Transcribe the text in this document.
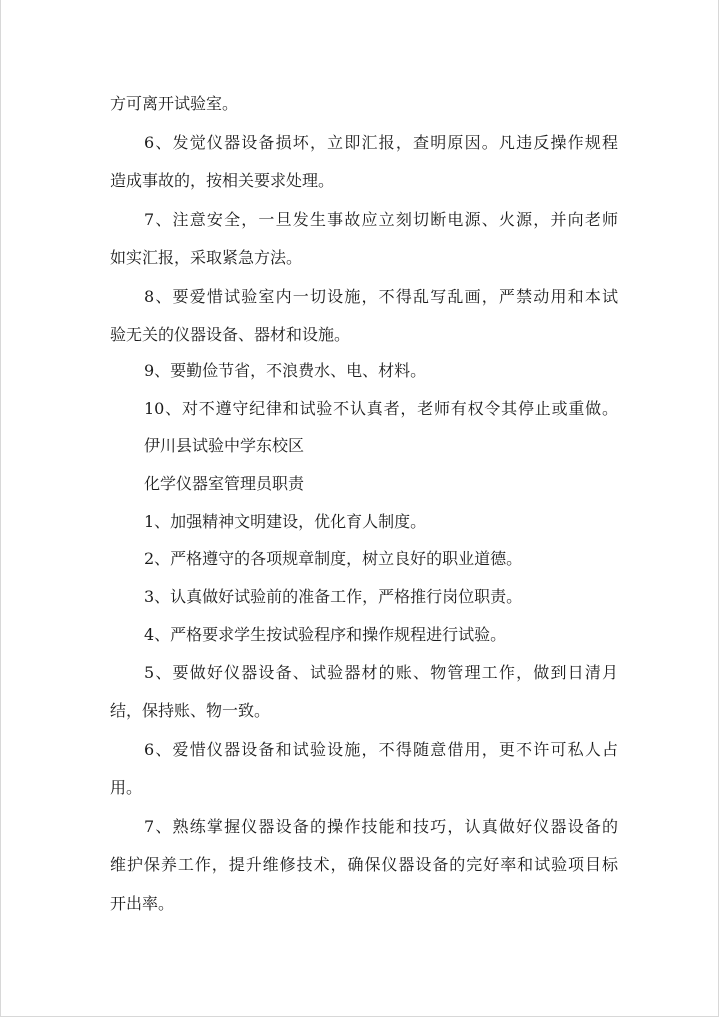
方可离开试验室。
6、发觉仪器设备损坏，立即汇报，查明原因。凡违反操作规程
造成事故的，按相关要求处理。
7、注意安全，一旦发生事故应立刻切断电源、火源，并向老师
如实汇报，采取紧急方法。
8、要爱惜试验室内一切设施，不得乱写乱画，严禁动用和本试
验无关的仪器设备、器材和设施。
9、要勤俭节省，不浪费水、电、材料。
10、对不遵守纪律和试验不认真者，老师有权令其停止或重做。
伊川县试验中学东校区
化学仪器室管理员职责
1、加强精神文明建设，优化育人制度。
2、严格遵守的各项规章制度，树立良好的职业道德。
3、认真做好试验前的准备工作，严格推行岗位职责。
4、严格要求学生按试验程序和操作规程进行试验。
5、要做好仪器设备、试验器材的账、物管理工作，做到日清月
结，保持账、物一致。
6、爱惜仪器设备和试验设施，不得随意借用，更不许可私人占
用。
7、熟练掌握仪器设备的操作技能和技巧，认真做好仪器设备的
维护保养工作，提升维修技术，确保仪器设备的完好率和试验项目标
开出率。
